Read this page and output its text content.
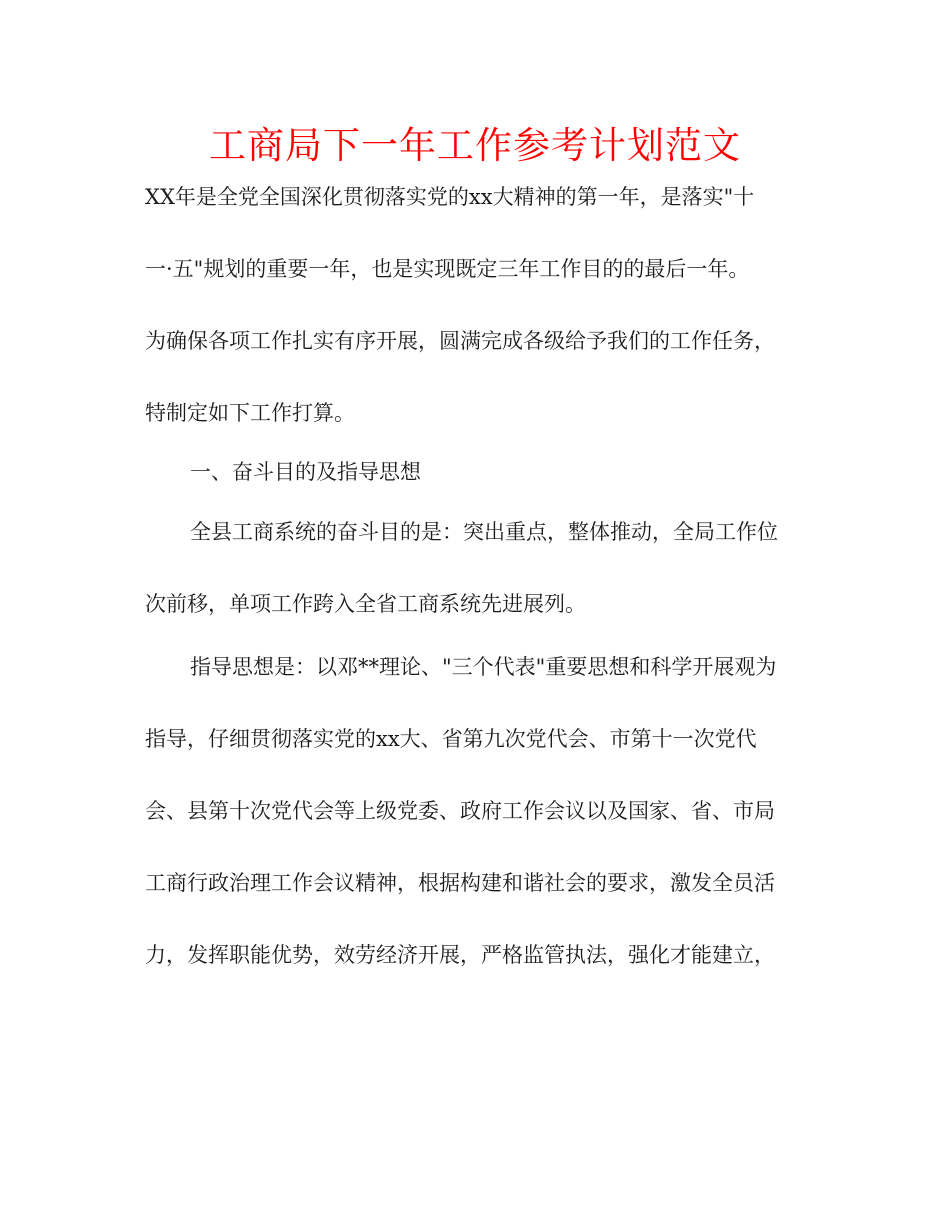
工商局下一年工作参考计划范文
XX年是全党全国深化贯彻落实党的xx大精神的第一年，是落实"十
一·五"规划的重要一年，也是实现既定三年工作目的的最后一年。
为确保各项工作扎实有序开展，圆满完成各级给予我们的工作任务，
特制定如下工作打算。
一、奋斗目的及指导思想
全县工商系统的奋斗目的是：突出重点，整体推动，全局工作位
次前移，单项工作跨入全省工商系统先进展列。
指导思想是：以邓**理论、"三个代表"重要思想和科学开展观为
指导，仔细贯彻落实党的xx大、省第九次党代会、市第十一次党代
会、县第十次党代会等上级党委、政府工作会议以及国家、省、市局
工商行政治理工作会议精神，根据构建和谐社会的要求，激发全员活
力，发挥职能优势，效劳经济开展，严格监管执法，强化才能建立，
